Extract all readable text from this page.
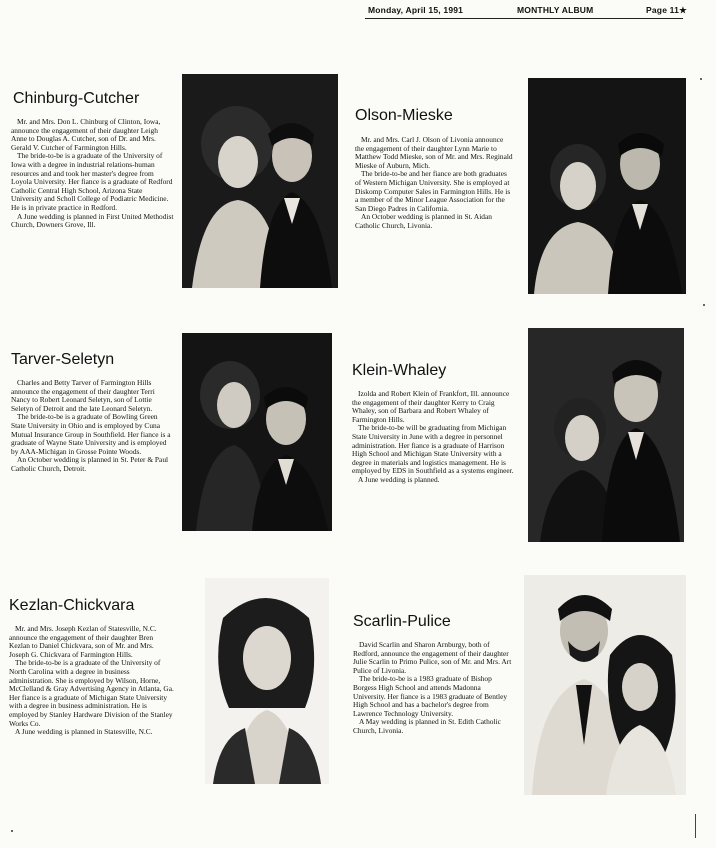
Monday, April 15, 1991	MONTHLY ALBUM	Page 11★
Chinburg-Cutcher

Mr. and Mrs. Don L. Chinburg of Clinton, Iowa, announce the engagement of their daughter Leigh Anne to Douglas A. Cutcher, son of Dr. and Mrs. Gerald V. Cutcher of Farmington Hills.

The bride-to-be is a graduate of the University of Iowa with a degree in industrial relations-human resources and and took her master's degree from Loyola University. Her fiance is a graduate of Redford Catholic Central High School, Arizona State University and Scholl College of Podiatric Medicine. He is in private practice in Redford.

A June wedding is planned in First United Methodist Church, Downers Grove, Ill.

Olson-Mieske

Mr. and Mrs. Carl J. Olson of Livonia announce the engagement of their daughter Lynn Marie to Matthew Todd Mieske, son of Mr. and Mrs. Reginald Mieske of Auburn, Mich.

The bride-to-be and her fiance are both graduates of Western Michigan University. She is employed at Diskomp Computer Sales in Farmington Hills. He is a member of the Minor League Association for the San Diego Padres in California.

An October wedding is planned in St. Aidan Catholic Church, Livonia.

Tarver-Seletyn

Charles and Betty Tarver of Farmington Hills announce the engagement of their daughter Terri Nancy to Robert Leonard Seletyn, son of Lottie Seletyn of Detroit and the late Leonard Seletyn.

The bride-to-be is a graduate of Bowling Green State University in Ohio and is employed by Cuna Mutual Insurance Group in Southfield. Her fiance is a graduate of Wayne State University and is employed by AAA-Michigan in Grosse Pointe Woods.

An October wedding is planned in St. Peter & Paul Catholic Church, Detroit.

Klein-Whaley

Izolda and Robert Klein of Frankfort, Ill. announce the engagement of their daughter Kerry to Craig Whaley, son of Barbara and Robert Whaley of Farmington Hills.

The bride-to-be will be graduating from Michigan State University in June with a degree in personnel administration. Her fiance is a graduate of Harrison High School and Michigan State University with a degree in materials and logistics management. He is employed by EDS in Southfield as a systems engineer.

A June wedding is planned.

Kezlan-Chickvara

Mr. and Mrs. Joseph Kezlan of Statesville, N.C. announce the engagement of their daughter Bren Kezlan to Daniel Chickvara, son of Mr. and Mrs. Joseph G. Chickvara of Farmington Hills.

The bride-to-be is a graduate of the University of North Carolina with a degree in business administration. She is employed by Wilson, Horne, McClelland & Gray Advertising Agency in Atlanta, Ga. Her fiance is a graduate of Michigan State University with a degree in business administration. He is employed by Stanley Hardware Division of the Stanley Works Co.

A June wedding is planned in Statesville, N.C.

Scarlin-Pulice

David Scarlin and Sharon Arnburgy, both of Redford, announce the engagement of their daughter Julie Scarlin to Primo Pulice, son of Mr. and Mrs. Art Pulice of Livonia.

The bride-to-be is a 1983 graduate of Bishop Borgess High School and attends Madonna University. Her fiance is a 1983 graduate of Bentley High School and has a bachelor's degree from Lawrence Technology University.

A May wedding is planned in St. Edith Catholic Church, Livonia.
